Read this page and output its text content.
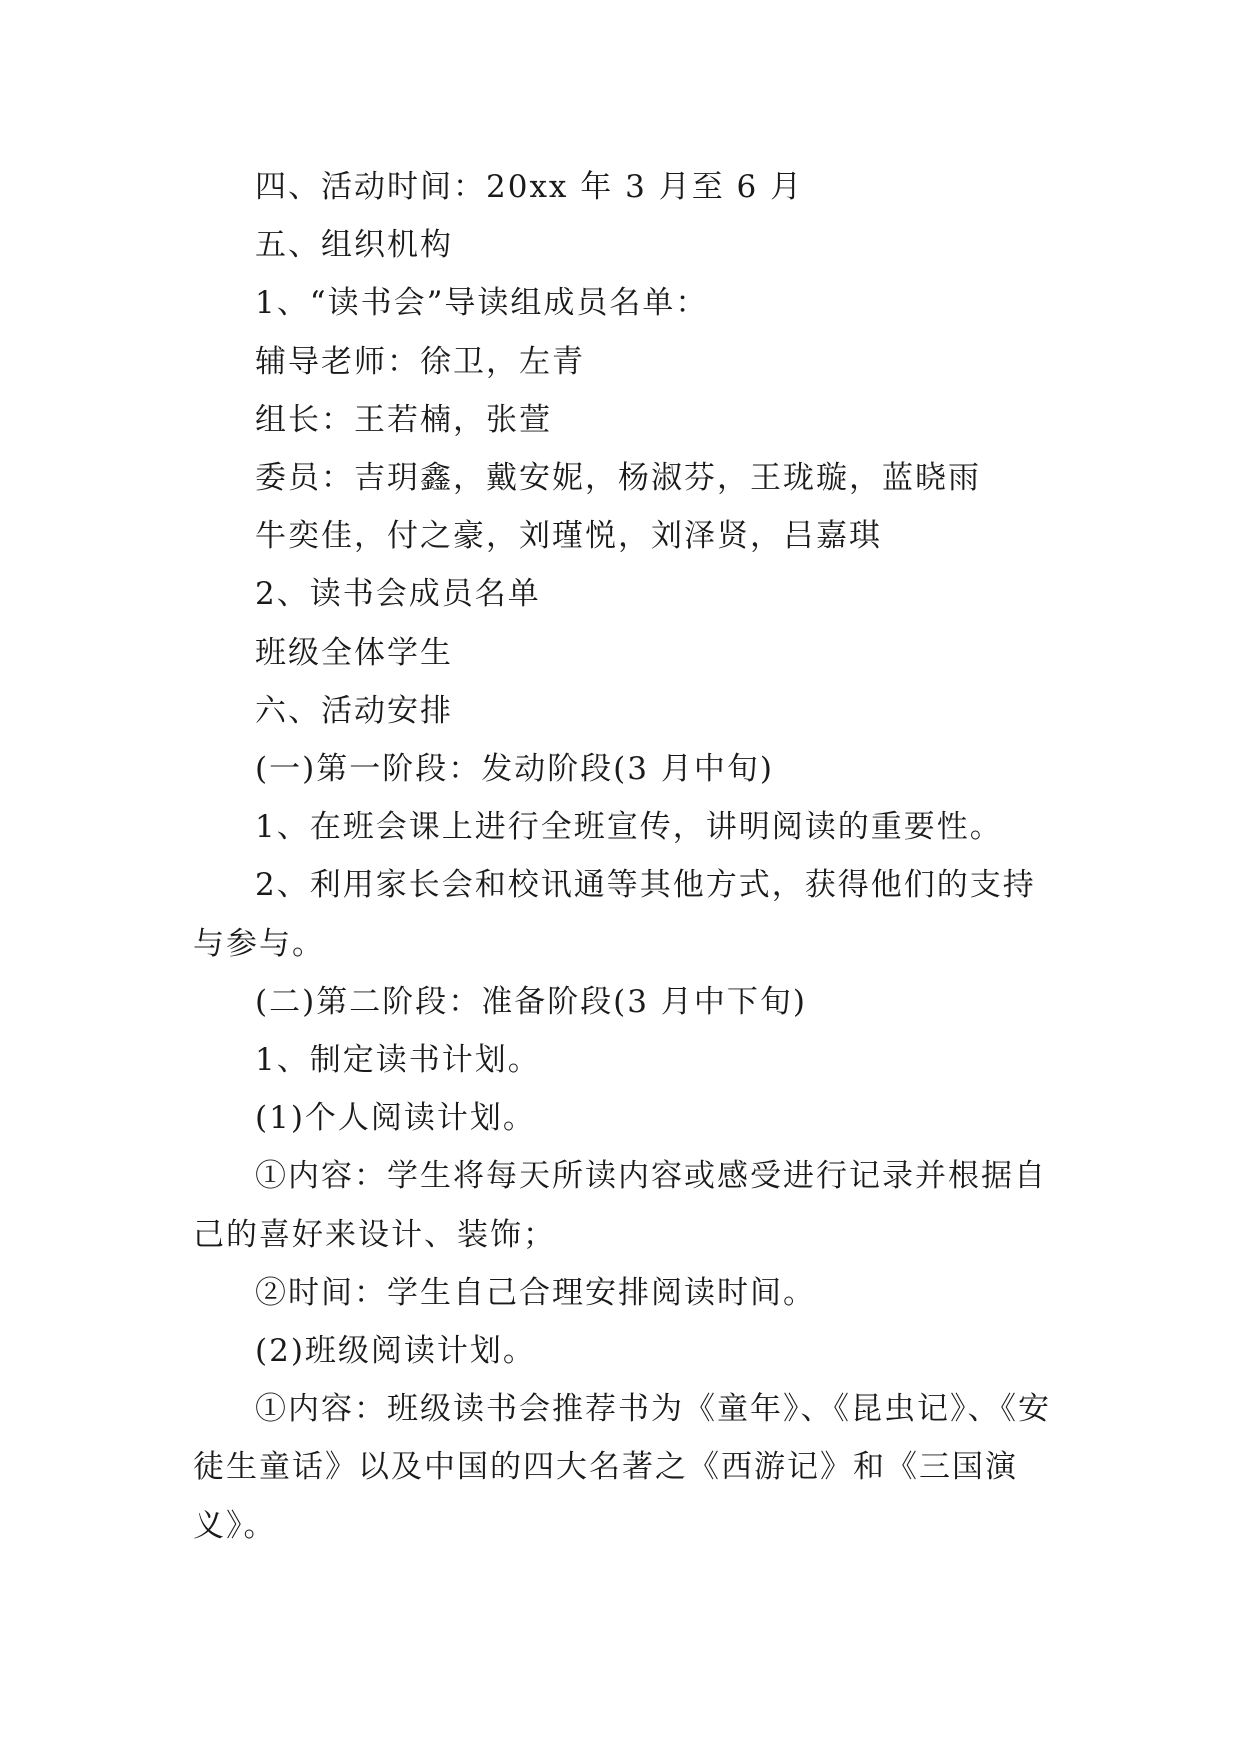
四、活动时间：20xx 年 3 月至 6 月

五、组织机构

1、“读书会”导读组成员名单：

辅导老师：徐卫，左青

组长：王若楠，张萱

委员：吉玥鑫，戴安妮，杨淑芬，王珑璇，蓝晓雨

牛奕佳，付之豪，刘瑾悦，刘泽贤，吕嘉琪

2、读书会成员名单

班级全体学生

六、活动安排

(一)第一阶段：发动阶段(3 月中旬)

1、在班会课上进行全班宣传，讲明阅读的重要性。

2、利用家长会和校讯通等其他方式，获得他们的支持与参与。

(二)第二阶段：准备阶段(3 月中下旬)

1、制定读书计划。

(1)个人阅读计划。

①内容：学生将每天所读内容或感受进行记录并根据自己的喜好来设计、装饰；

②时间：学生自己合理安排阅读时间。

(2)班级阅读计划。

①内容：班级读书会推荐书为《童年》、《昆虫记》、《安徒生童话》以及中国的四大名著之《西游记》和《三国演义》。
